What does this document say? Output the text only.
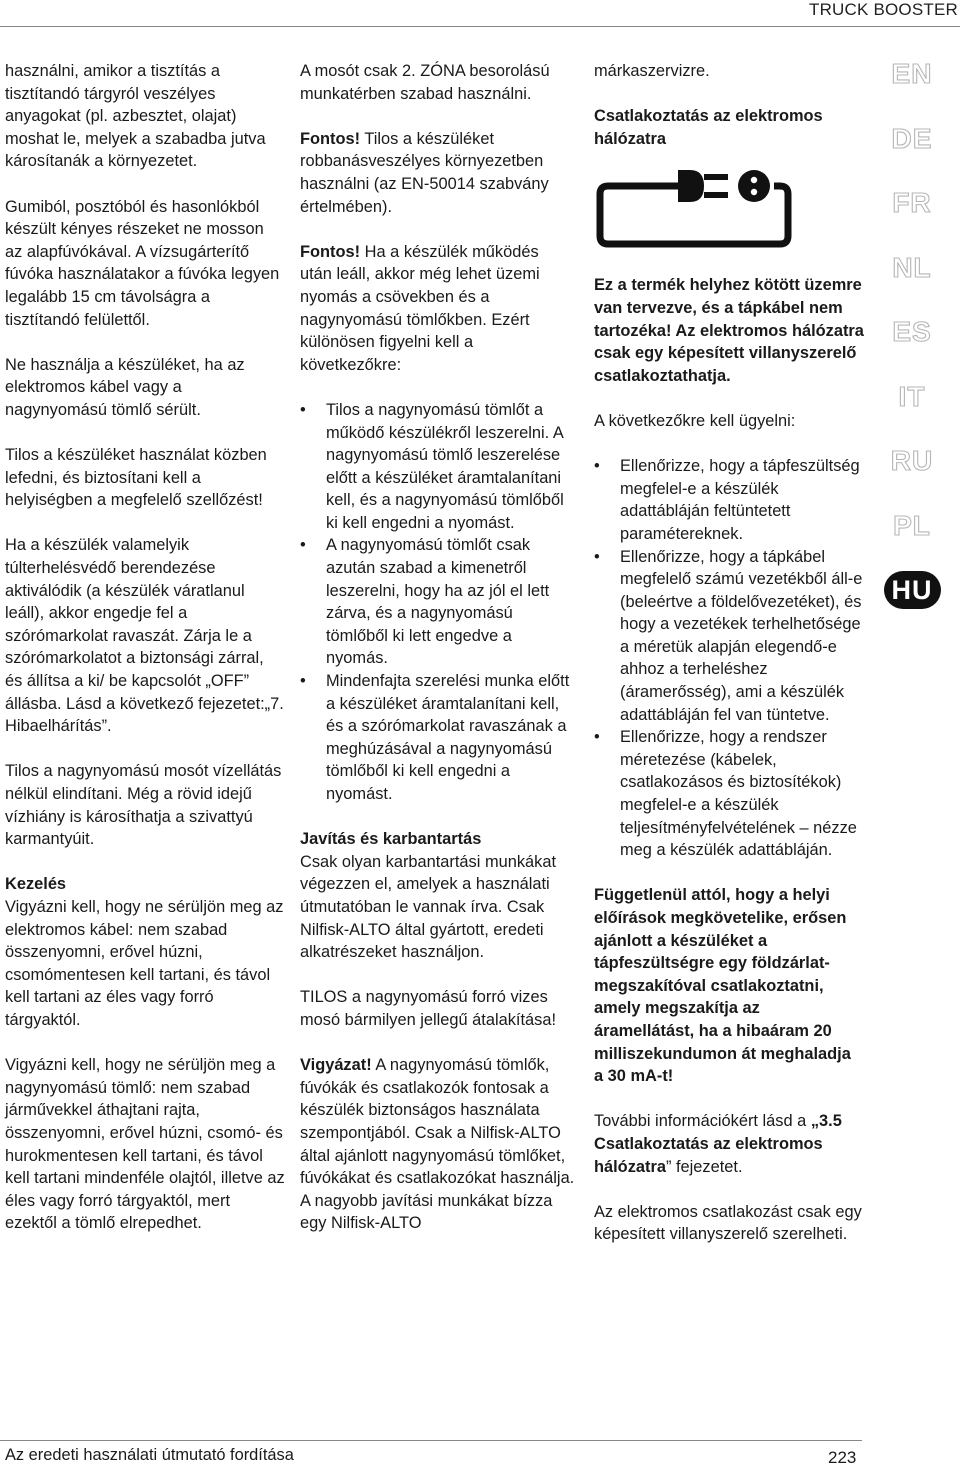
TRUCK BOOSTER

használni, amikor a tisztítás a tisztítandó tárgyról veszélyes anyagokat (pl. azbesztet, olajat) moshat le, melyek a szabadba jutva károsítanák a környezetet.

Gumiból, posztóból és hasonlókból készült kényes részeket ne mosson az alapfúvókával. A vízsugárterítő fúvóka használatakor a fúvóka legyen legalább 15 cm távolságra a tisztítandó felülettől.

Ne használja a készüléket, ha az elektromos kábel vagy a nagynyomású tömlő sérült.

Tilos a készüléket használat közben lefedni, és biztosítani kell a helyiségben a megfelelő szellőzést!

Ha a készülék valamelyik túlterhelésvédő berendezése aktiválódik (a készülék váratlanul leáll), akkor engedje fel a szórómarkolat ravaszát. Zárja le a szórómarkolatot a biztonsági zárral, és állítsa a ki/ be kapcsolót „OFF” állásba. Lásd a következő fejezetet:„7. Hibaelhárítás”.

Tilos a nagynyomású mosót vízellátás nélkül elindítani. Még a rövid idejű vízhiány is károsíthatja a szivattyú karmantyúit.

Kezelés

Vigyázni kell, hogy ne sérüljön meg az elektromos kábel: nem szabad összenyomni, erővel húzni, csomómentesen kell tartani, és távol kell tartani az éles vagy forró tárgyaktól.

Vigyázni kell, hogy ne sérüljön meg a nagynyomású tömlő: nem szabad járművekkel áthajtani rajta, összenyomni, erővel húzni, csomó- és hurokmentesen kell tartani, és távol kell tartani mindenféle olajtól, illetve az éles vagy forró tárgyaktól, mert ezektől a tömlő elrepedhet.

A mosót csak 2. ZÓNA besorolású munkatérben szabad használni.

Fontos! Tilos a készüléket robbanásveszélyes környezetben használni (az EN-50014 szabvány értelmében).

Fontos! Ha a készülék működés után leáll, akkor még lehet üzemi nyomás a csövekben és a nagynyomású tömlőkben. Ezért különösen figyelni kell a következőkre:

• Tilos a nagynyomású tömlőt a működő készülékről leszerelni. A nagynyomású tömlő leszerelése előtt a készüléket áramtalanítani kell, és a nagynyomású tömlőből ki kell engedni a nyomást.
• A nagynyomású tömlőt csak azután szabad a kimenetről leszerelni, hogy ha az jól el lett zárva, és a nagynyomású tömlőből ki lett engedve a nyomás.
• Mindenfajta szerelési munka előtt a készüléket áramtalanítani kell, és a szórómarkolat ravaszának a meghúzásával a nagynyomású tömlőből ki kell engedni a nyomást.
Javítás és karbantartás

Csak olyan karbantartási munkákat végezzen el, amelyek a használati útmutatóban le vannak írva. Csak Nilfisk-ALTO által gyártott, eredeti alkatrészeket használjon.

TILOS a nagynyomású forró vizes mosó bármilyen jellegű átalakítása!

Vigyázat! A nagynyomású tömlők, fúvókák és csatlakozók fontosak a készülék biztonságos használata szempontjából. Csak a Nilfisk-ALTO által ajánlott nagynyomású tömlőket, fúvókákat és csatlakozókat használja.

A nagyobb javítási munkákat bízza egy Nilfisk-ALTO

márkaszervizre.

Csatlakoztatás az elektromos hálózatra

Ez a termék helyhez kötött üzemre van tervezve, és a tápkábel nem tartozéka! Az elektromos hálózatra csak egy képesített villanyszerelő csatlakoztathatja.

A következőkre kell ügyelni:

• Ellenőrizze, hogy a tápfeszültség megfelel-e a készülék adattábláján feltüntetett paramétereknek.
• Ellenőrizze, hogy a tápkábel megfelelő számú vezetékből áll-e (beleértve a földelővezetéket), és hogy a vezetékek terhelhetősége a méretük alapján elegendő-e ahhoz a terheléshez (áramerősség), ami a készülék adattábláján fel van tüntetve.
• Ellenőrizze, hogy a rendszer méretezése (kábelek, csatlakozásos és biztosítékok) megfelel-e a készülék teljesítményfelvételének – nézze meg a készülék adattábláján.

Függetlenül attól, hogy a helyi előírások megkövetelike, erősen ajánlott a készüléket a tápfeszültségre egy földzárlat-megszakítóval csatlakoztatni, amely megszakítja az áramellátást, ha a hibaáram 20 milliszekundumon át meghaladja a 30 mA-t!

További információkért lásd a „3.5 Csatlakoztatás az elektromos hálózatra” fejezetet.

Az elektromos csatlakozást csak egy képesített villanyszerelő szerelheti.

EN
DE
FR
NL
ES
IT
RU
PL
HU
Az eredeti használati útmutató fordítása	223
